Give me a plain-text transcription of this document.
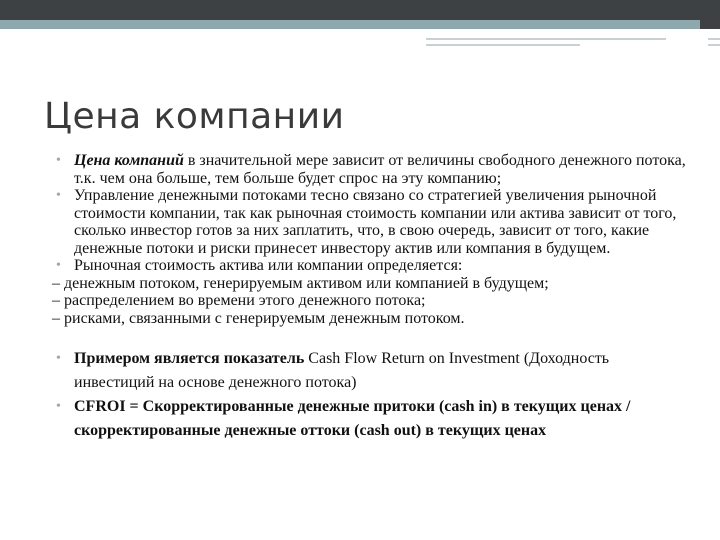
Цена компании

• Цена компаний в значительной мере зависит от величины свободного денежного потока, т.к. чем она больше, тем больше будет спрос на эту компанию;

• Управление денежными потоками тесно связано со стратегией увеличения рыночной стоимости компании, так как рыночная стоимость компании или актива зависит от того, сколько инвестор готов за них заплатить, что, в свою очередь, зависит от того, какие денежные потоки и риски принесет инвестору актив или компания в будущем.

• Рыночная стоимость актива или компании определяется:

– денежным потоком, генерируемым активом или компанией в будущем;

– распределением во времени этого денежного потока;

– рисками, связанными с генерируемым денежным потоком.

• Примером является показатель Cash Flow Return on Investment (Доходность инвестиций на основе денежного потока)

• CFROI = Скорректированные денежные притоки (cash in) в текущих ценах / скорректированные денежные оттоки (cash out) в текущих ценах
